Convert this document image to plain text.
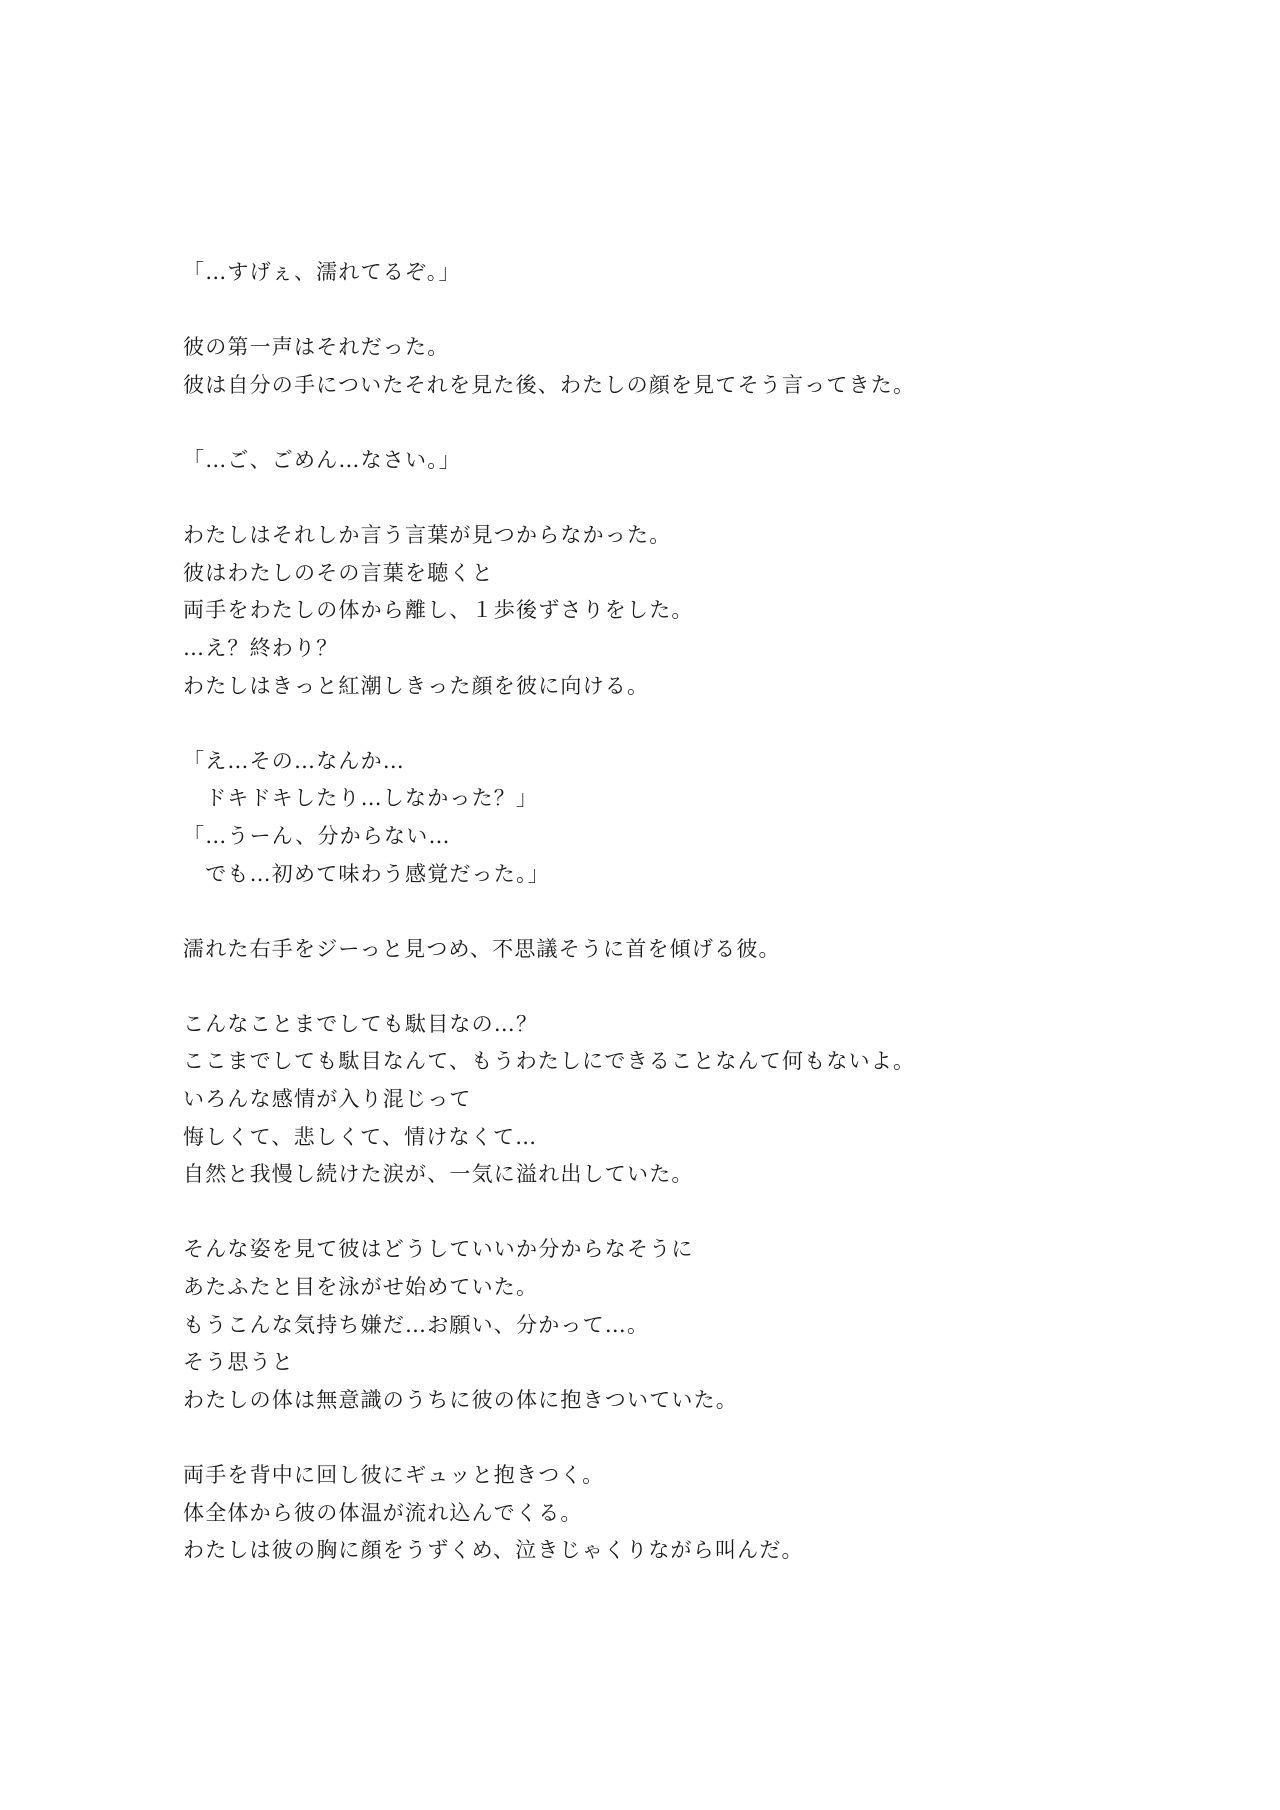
「…すげぇ、濡れてるぞ。」
彼の第一声はそれだった。
彼は自分の手についたそれを見た後、わたしの顔を見てそう言ってきた。
「…ご、ごめん…なさい。」
わたしはそれしか言う言葉が見つからなかった。
彼はわたしのその言葉を聴くと
両手をわたしの体から離し、１歩後ずさりをした。
…え？終わり？
わたしはきっと紅潮しきった顔を彼に向ける。
「え…その…なんか…
　ドキドキしたり…しなかった？」
「…うーん、分からない…
　でも…初めて味わう感覚だった。」
濡れた右手をジーっと見つめ、不思議そうに首を傾げる彼。
こんなことまでしても駄目なの…？
ここまでしても駄目なんて、もうわたしにできることなんて何もないよ。
いろんな感情が入り混じって
悔しくて、悲しくて、情けなくて…
自然と我慢し続けた涙が、一気に溢れ出していた。
そんな姿を見て彼はどうしていいか分からなそうに
あたふたと目を泳がせ始めていた。
もうこんな気持ち嫌だ…お願い、分かって…。
そう思うと
わたしの体は無意識のうちに彼の体に抱きついていた。
両手を背中に回し彼にギュッと抱きつく。
体全体から彼の体温が流れ込んでくる。
わたしは彼の胸に顔をうずくめ、泣きじゃくりながら叫んだ。
